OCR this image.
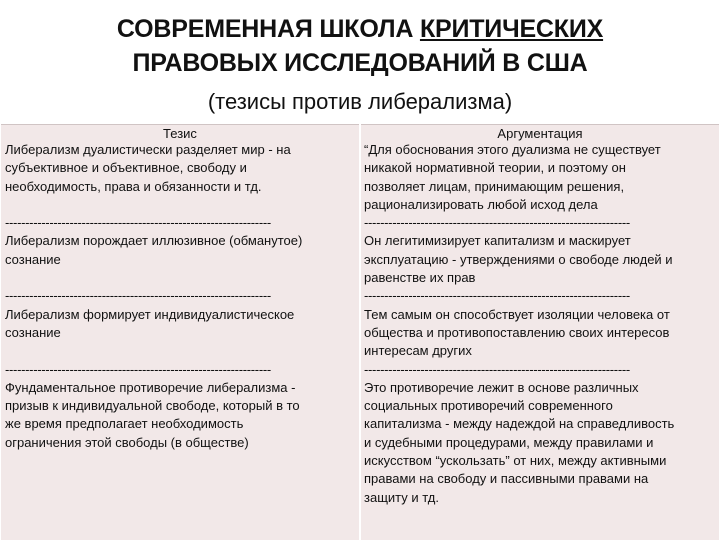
СОВРЕМЕННАЯ ШКОЛА КРИТИЧЕСКИХ
ПРАВОВЫХ ИССЛЕДОВАНИЙ В США
(тезисы против либерализма)
Тезис

Либерализм дуалистически разделяет мир - на
субъективное и объективное, свободу и
необходимость, права и обязанности и тд.

------------------------------------------------------------------

Либерализм порождает иллюзивное (обманутое)
сознание

------------------------------------------------------------------

Либерализм формирует индивидуалистическое
сознание

------------------------------------------------------------------

Фундаментальное противоречие либерализма -
призыв к индивидуальной свободе, который в то
же время предполагает необходимость
ограничения этой свободы (в обществе)

Аргументация

“Для обоснования этого дуализма не существует
никакой нормативной теории, и поэтому он
позволяет лицам, принимающим решения,
рационализировать любой исход дела

------------------------------------------------------------------

Он легитимизирует капитализм и маскирует
эксплуатацию - утверждениями о свободе людей и
равенстве их прав

------------------------------------------------------------------

Тем самым он способствует изоляции человека от
общества и противопоставлению своих интересов
интересам других

------------------------------------------------------------------

Это противоречие лежит в основе различных
социальных противоречий современного
капитализма - между надеждой на справедливость
и судебными процедурами, между правилами и
искусством “ускользать” от них, между активными
правами на свободу и пассивными правами на
защиту и тд.
